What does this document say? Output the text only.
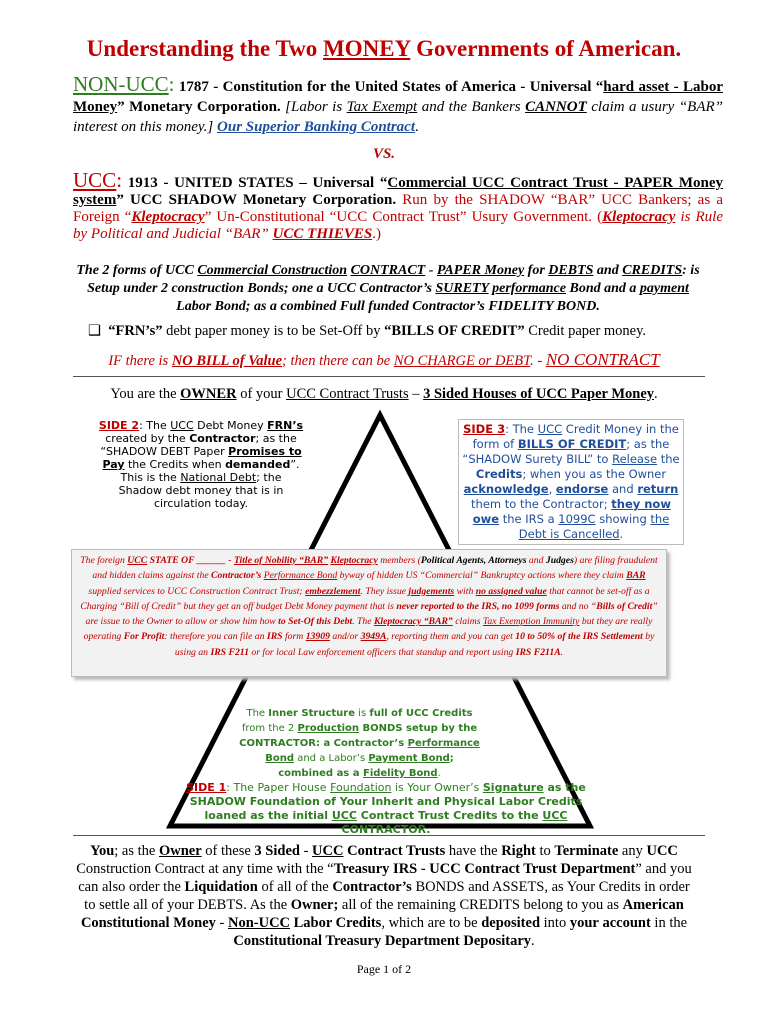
Understanding the Two MONEY Governments of American.
NON-UCC: 1787 - Constitution for the United States of America - Universal “hard asset - Labor Money” Monetary Corporation. [Labor is Tax Exempt and the Bankers CANNOT claim a usury “BAR” interest on this money.] Our Superior Banking Contract.
VS.
UCC: 1913 - UNITED STATES – Universal “Commercial UCC Contract Trust - PAPER Money system” UCC SHADOW Monetary Corporation. Run by the SHADOW “BAR” UCC Bankers; as a Foreign “Kleptocracy” Un-Constitutional “UCC Contract Trust” Usury Government. (Kleptocracy is Rule by Political and Judicial “BAR” UCC THIEVES.)
The 2 forms of UCC Commercial Construction CONTRACT - PAPER Money for DEBTS and CREDITS: is Setup under 2 construction Bonds; one a UCC Contractor’s SURETY performance Bond and a payment Labor Bond; as a combined Full funded Contractor’s FIDELITY BOND.
❑ “FRN’s” debt paper money is to be Set-Off by “BILLS OF CREDIT” Credit paper money.
IF there is NO BILL of Value; then there can be NO CHARGE or DEBT. - NO CONTRACT
You are the OWNER of your UCC Contract Trusts – 3 Sided Houses of UCC Paper Money.
SIDE 2: The UCC Debt Money FRN’s created by the Contractor; as the “SHADOW DEBT Paper Promises to Pay the Credits when demanded”. This is the National Debt; the Shadow debt money that is in circulation today.
SIDE 3: The UCC Credit Money in the form of BILLS OF CREDIT; as the “SHADOW Surety BILL” to Release the Credits; when you as the Owner acknowledge, endorse and return them to the Contractor; they now owe the IRS a 1099C showing the Debt is Cancelled.
The foreign UCC STATE OF ______ - Title of Nobility “BAR” Kleptocracy members (Political Agents, Attorneys and Judges) are filing fraudulent and hidden claims against the Contractor’s Performance Bond byway of hidden US “Commercial” Bankruptcy actions where they claim BAR supplied services to UCC Construction Contract Trust; embezzlement. They issue judgements with no assigned value that cannot be set-off as a Charging “Bill of Credit” but they get an off budget Debt Money payment that is never reported to the IRS, no 1099 forms and no “Bills of Credit” are issue to the Owner to allow or show him how to Set-Of this Debt. The Kleptocracy “BAR” claims Tax Exemption Immunity but they are really operating For Profit: therefore you can file an IRS form 13909 and/or 3949A, reporting them and you can get 10 to 50% of the IRS Settlement by using an IRS F211 or for local Law enforcement officers that standup and report using IRS F211A.
The Inner Structure is full of UCC Credits from the 2 Production BONDS setup by the CONTRACTOR: a Contractor’s Performance Bond and a Labor’s Payment Bond; combined as a Fidelity Bond.
SIDE 1: The Paper House Foundation is Your Owner’s Signature as the SHADOW Foundation of Your Inherit and Physical Labor Credits loaned as the initial UCC Contract Trust Credits to the UCC CONTRACTOR.
You; as the Owner of these 3 Sided - UCC Contract Trusts have the Right to Terminate any UCC Construction Contract at any time with the “Treasury IRS - UCC Contract Trust Department” and you can also order the Liquidation of all of the Contractor’s BONDS and ASSETS, as Your Credits in order to settle all of your DEBTS. As the Owner; all of the remaining CREDITS belong to you as American Constitutional Money - Non-UCC Labor Credits, which are to be deposited into your account in the Constitutional Treasury Department Depositary.
Page 1 of 2
